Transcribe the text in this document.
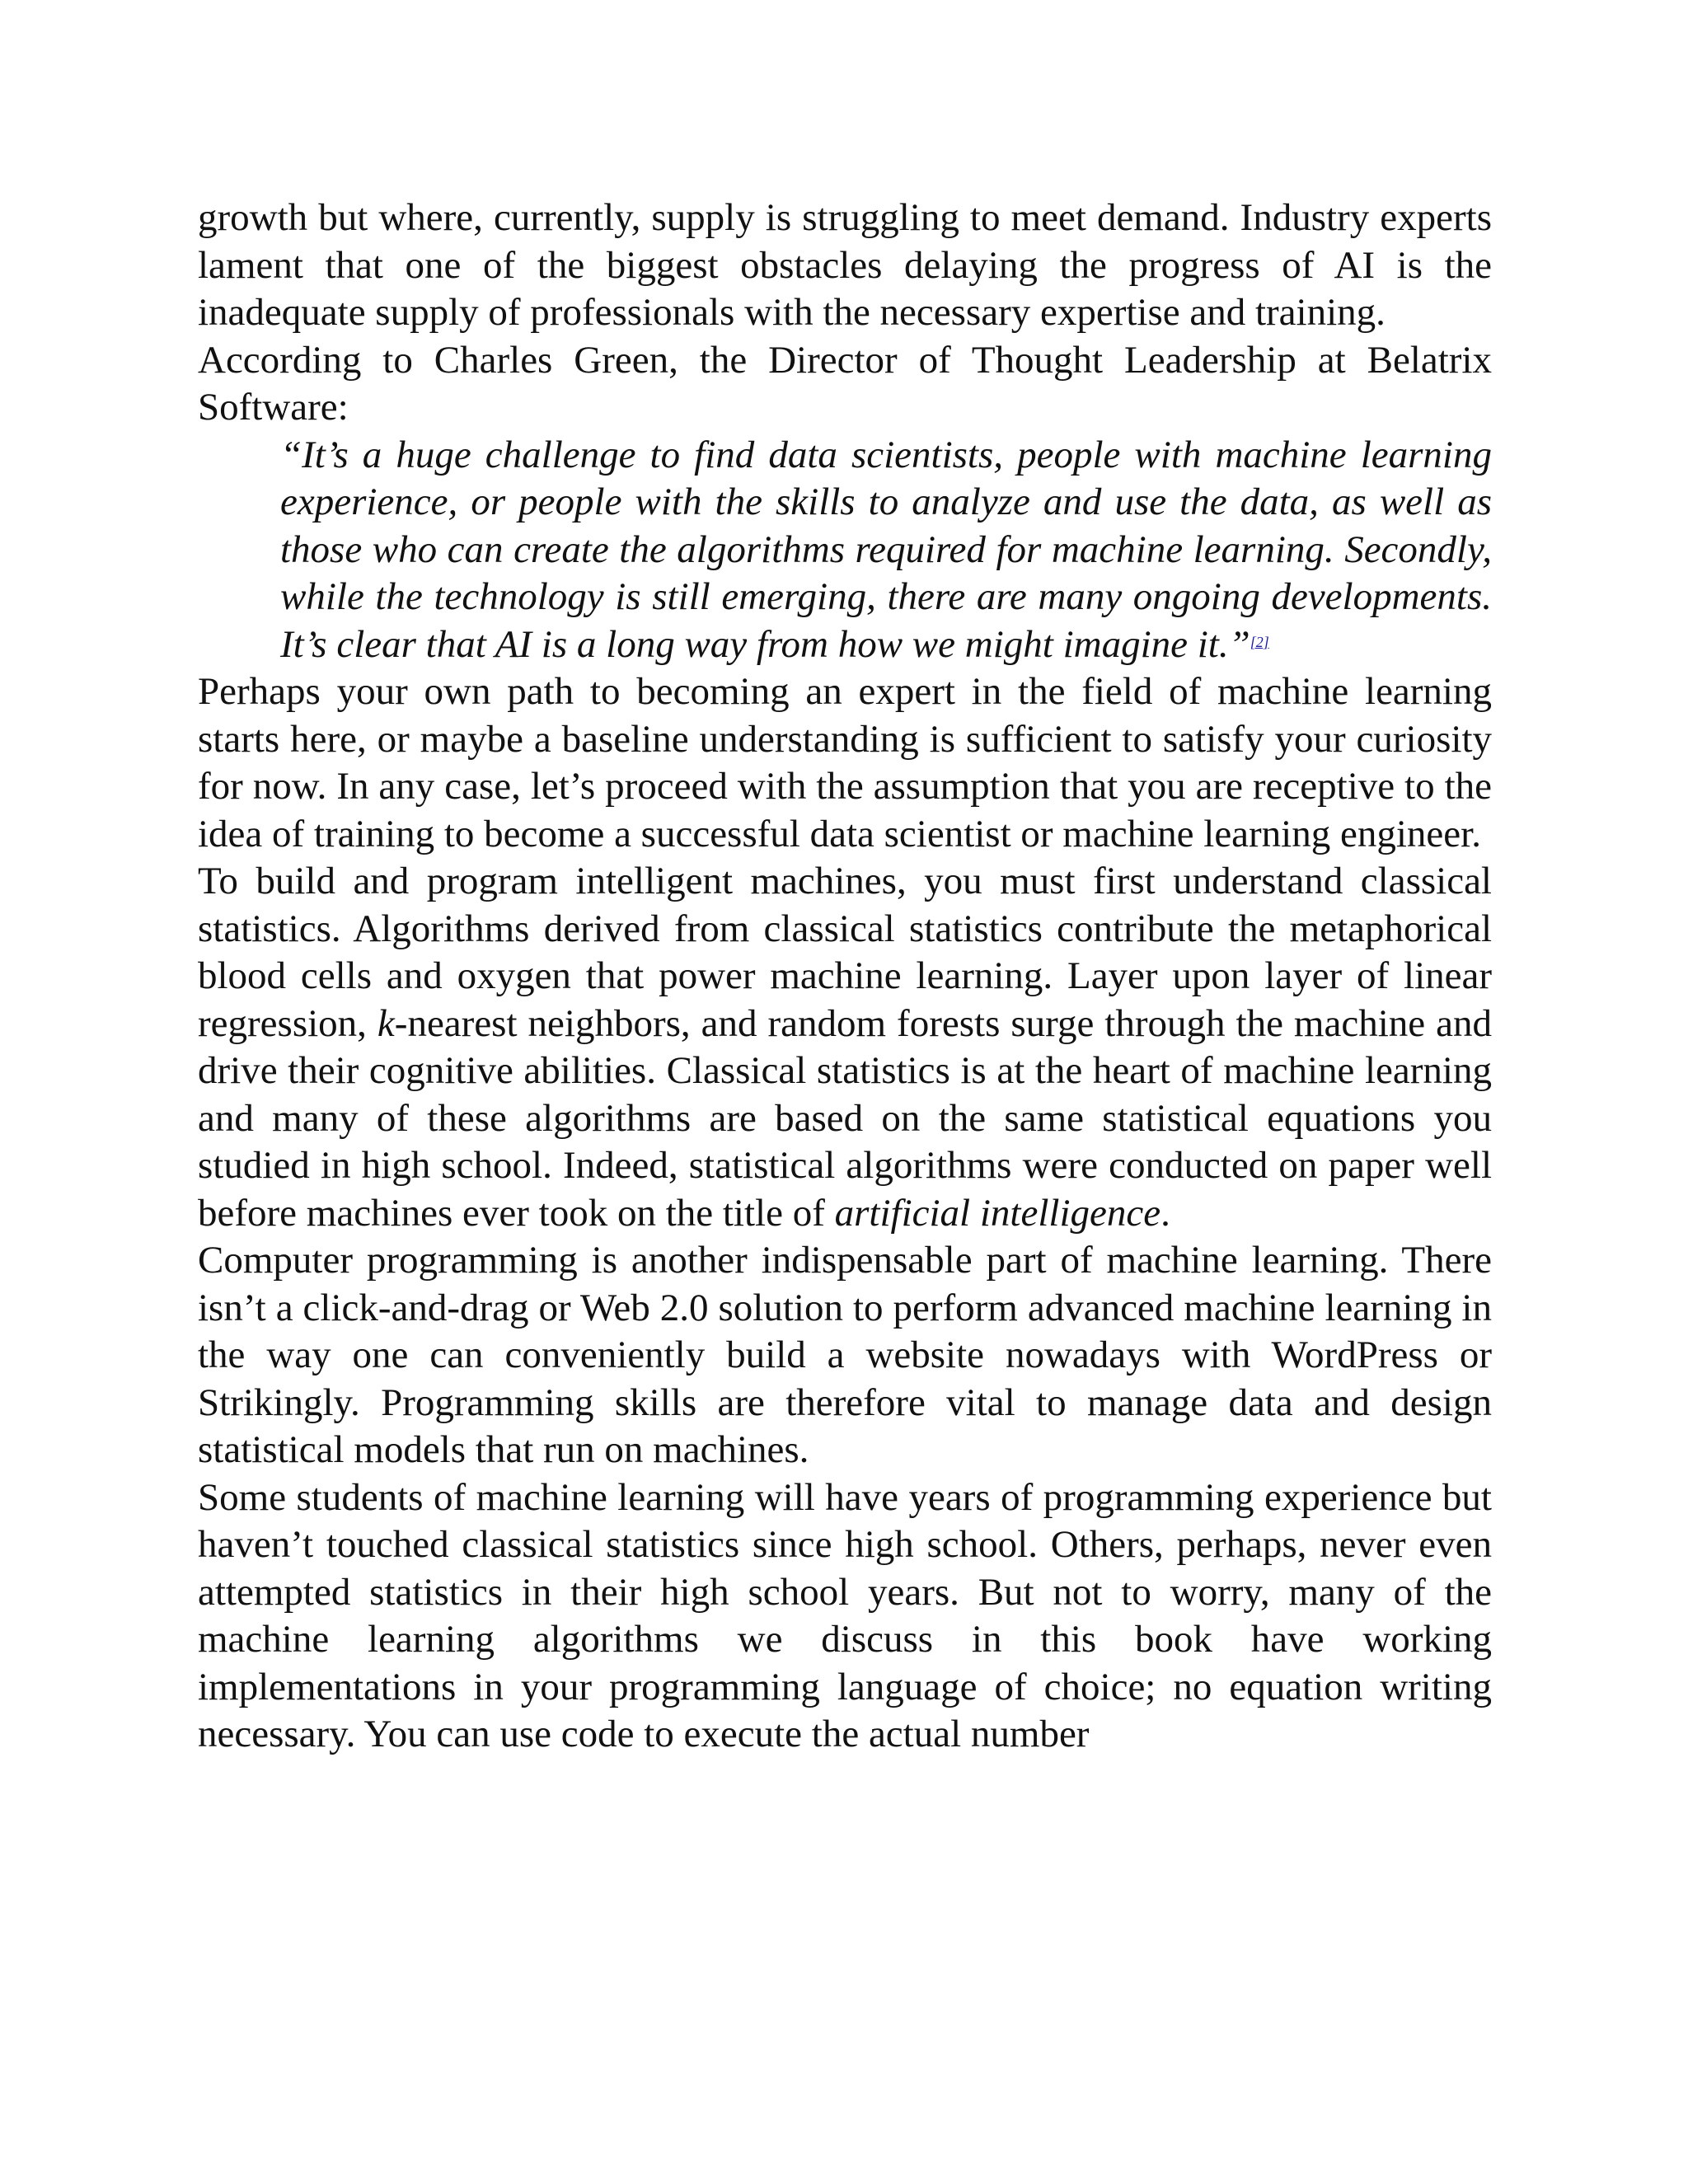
growth but where, currently, supply is struggling to meet demand. Industry experts lament that one of the biggest obstacles delaying the progress of AI is the inadequate supply of professionals with the necessary expertise and training.

According to Charles Green, the Director of Thought Leadership at Belatrix Software:

“It’s a huge challenge to find data scientists, people with machine learning experience, or people with the skills to analyze and use the data, as well as those who can create the algorithms required for machine learning. Secondly, while the technology is still emerging, there are many ongoing developments. It’s clear that AI is a long way from how we might imagine it.”[2]

Perhaps your own path to becoming an expert in the field of machine learning starts here, or maybe a baseline understanding is sufficient to satisfy your curiosity for now. In any case, let’s proceed with the assumption that you are receptive to the idea of training to become a successful data scientist or machine learning engineer.

To build and program intelligent machines, you must first understand classical statistics. Algorithms derived from classical statistics contribute the metaphorical blood cells and oxygen that power machine learning. Layer upon layer of linear regression, k-nearest neighbors, and random forests surge through the machine and drive their cognitive abilities. Classical statistics is at the heart of machine learning and many of these algorithms are based on the same statistical equations you studied in high school. Indeed, statistical algorithms were conducted on paper well before machines ever took on the title of artificial intelligence.

Computer programming is another indispensable part of machine learning. There isn’t a click-and-drag or Web 2.0 solution to perform advanced machine learning in the way one can conveniently build a website nowadays with WordPress or Strikingly. Programming skills are therefore vital to manage data and design statistical models that run on machines.

Some students of machine learning will have years of programming experience but haven’t touched classical statistics since high school. Others, perhaps, never even attempted statistics in their high school years. But not to worry, many of the machine learning algorithms we discuss in this book have working implementations in your programming language of choice; no equation writing necessary. You can use code to execute the actual number
